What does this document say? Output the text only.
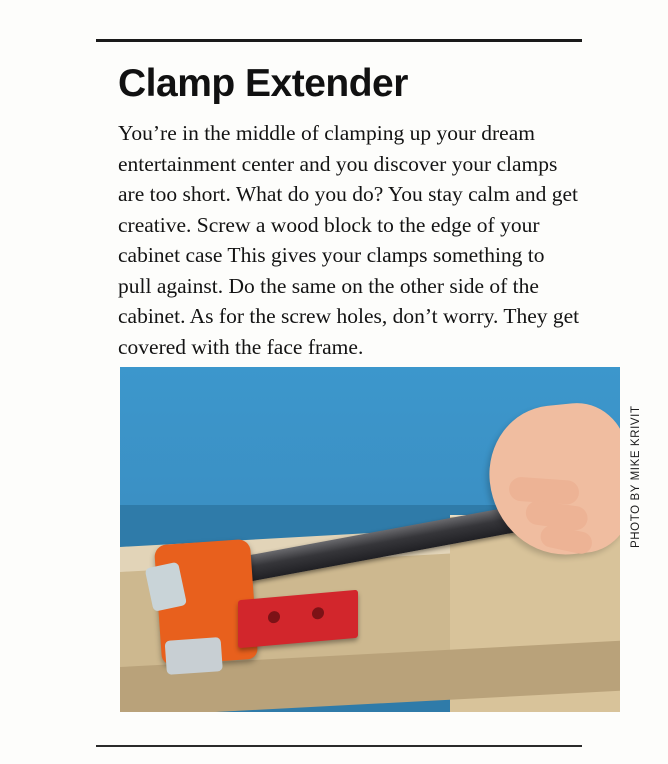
Clamp Extender

You’re in the middle of clamping up your dream entertainment center and you discover your clamps are too short. What do you do? You stay calm and get creative. Screw a wood block to the edge of your cabinet case This gives your clamps something to pull against. Do the same on the other side of the cabinet. As for the screw holes, don’t worry. They get covered with the face frame.

PHOTO BY MIKE KRIVIT
